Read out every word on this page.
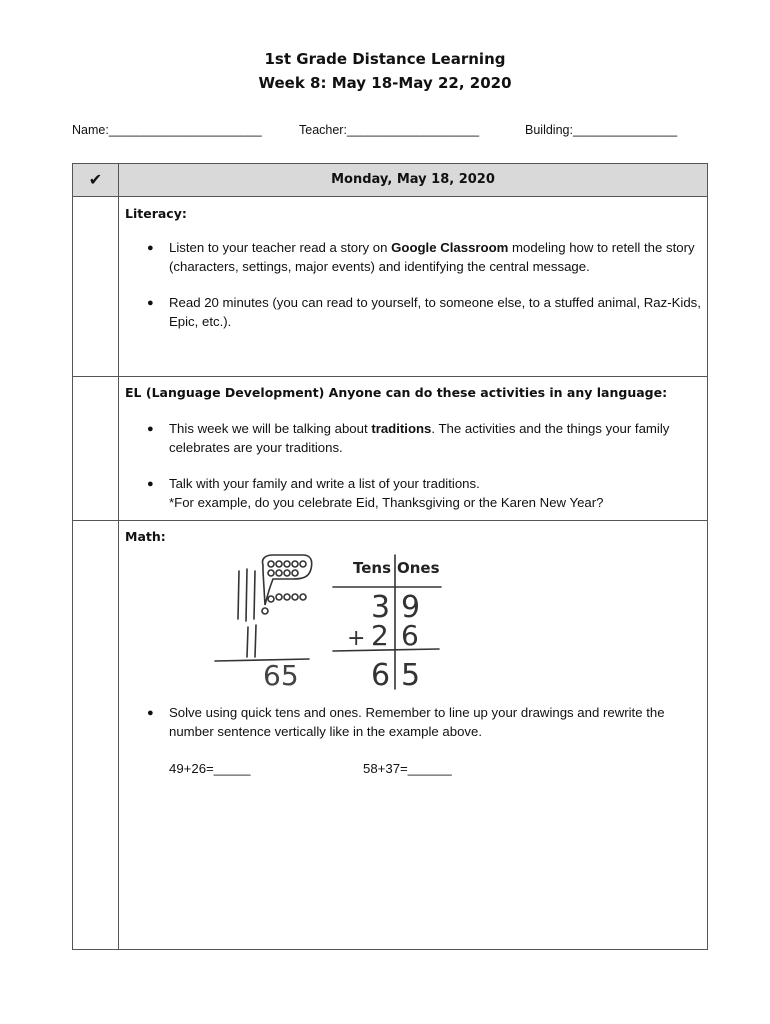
1st Grade Distance Learning
Week 8: May 18-May 22, 2020
Name:______________________	Teacher:___________________	Building:_______________
✔	Monday, May 18, 2020
Literacy:
● Listen to your teacher read a story on Google Classroom modeling how to retell the story (characters, settings, major events) and identifying the central message.
● Read 20 minutes (you can read to yourself, to someone else, to a stuffed animal, Raz-Kids, Epic, etc.).
EL (Language Development) Anyone can do these activities in any language:
● This week we will be talking about traditions. The activities and the things your family celebrates are your traditions.
● Talk with your family and write a list of your traditions.
*For example, do you celebrate Eid, Thanksgiving or the Karen New Year?
Math:
65
Tens Ones
3 9
+ 2 6
6 5
● Solve using quick tens and ones. Remember to line up your drawings and rewrite the number sentence vertically like in the example above.
49+26=_____	58+37=______
